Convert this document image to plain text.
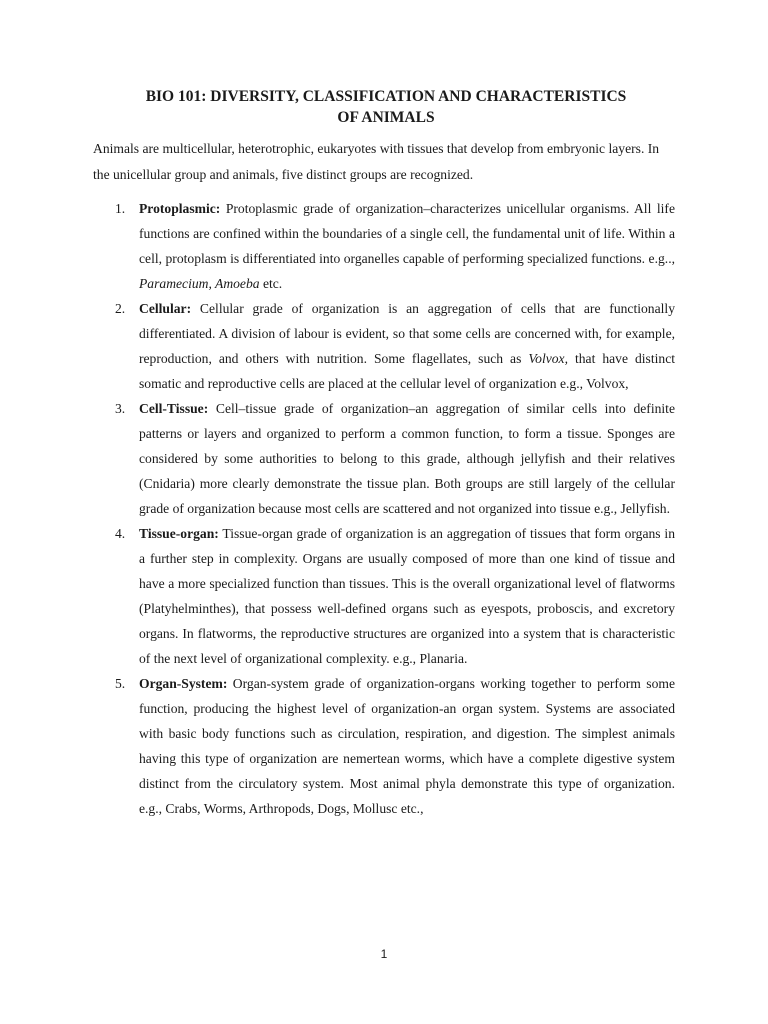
BIO 101: DIVERSITY, CLASSIFICATION AND CHARACTERISTICS
OF ANIMALS

Animals are multicellular, heterotrophic, eukaryotes with tissues that develop from embryonic layers. In the unicellular group and animals, five distinct groups are recognized.

1. Protoplasmic: Protoplasmic grade of organization–characterizes unicellular organisms. All life functions are confined within the boundaries of a single cell, the fundamental unit of life. Within a cell, protoplasm is differentiated into organelles capable of performing specialized functions. e.g.., Paramecium, Amoeba etc.
2. Cellular: Cellular grade of organization is an aggregation of cells that are functionally differentiated. A division of labour is evident, so that some cells are concerned with, for example, reproduction, and others with nutrition. Some flagellates, such as Volvox, that have distinct somatic and reproductive cells are placed at the cellular level of organization e.g., Volvox,
3. Cell-Tissue: Cell–tissue grade of organization–an aggregation of similar cells into definite patterns or layers and organized to perform a common function, to form a tissue. Sponges are considered by some authorities to belong to this grade, although jellyfish and their relatives (Cnidaria) more clearly demonstrate the tissue plan. Both groups are still largely of the cellular grade of organization because most cells are scattered and not organized into tissue e.g., Jellyfish.
4. Tissue-organ: Tissue-organ grade of organization is an aggregation of tissues that form organs in a further step in complexity. Organs are usually composed of more than one kind of tissue and have a more specialized function than tissues. This is the overall organizational level of flatworms (Platyhelminthes), that possess well-defined organs such as eyespots, proboscis, and excretory organs. In flatworms, the reproductive structures are organized into a system that is characteristic of the next level of organizational complexity. e.g., Planaria.
5. Organ-System: Organ-system grade of organization-organs working together to perform some function, producing the highest level of organization-an organ system. Systems are associated with basic body functions such as circulation, respiration, and digestion. The simplest animals having this type of organization are nemertean worms, which have a complete digestive system distinct from the circulatory system. Most animal phyla demonstrate this type of organization. e.g., Crabs, Worms, Arthropods, Dogs, Mollusc etc.,
1
